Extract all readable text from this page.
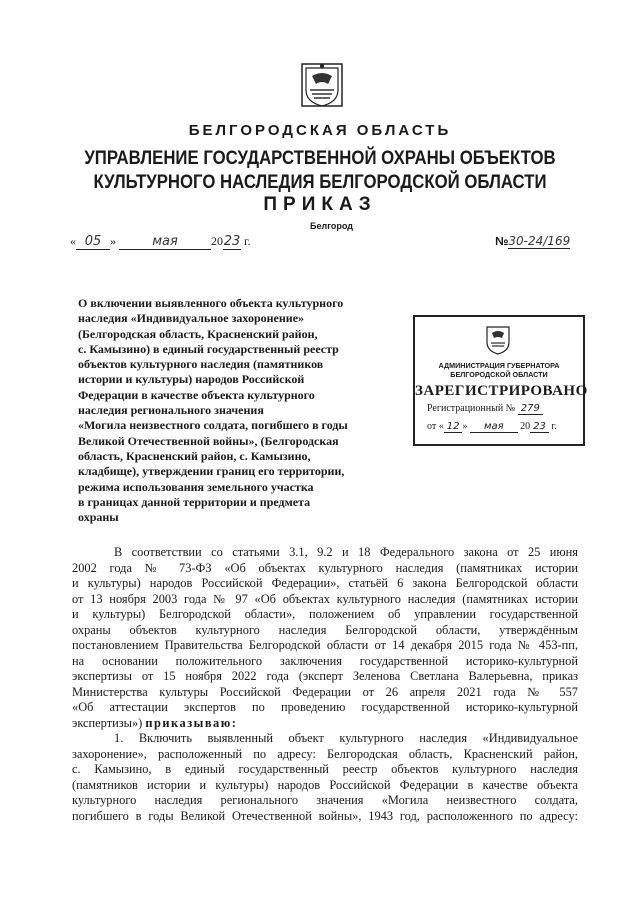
БЕЛГОРОДСКАЯ ОБЛАСТЬ
УПРАВЛЕНИЕ ГОСУДАРСТВЕННОЙ ОХРАНЫ ОБЪЕКТОВ
КУЛЬТУРНОГО НАСЛЕДИЯ БЕЛГОРОДСКОЙ ОБЛАСТИ
ПРИКАЗ
Белгород
« 05 »	мая	2023 г.	№30-24/169
О включении выявленного объекта культурного
наследия «Индивидуальное захоронение»
(Белгородская область, Красненский район,
с. Камызино) в единый государственный реестр
объектов культурного наследия (памятников
истории и культуры) народов Российской
Федерации в качестве объекта культурного
наследия регионального значения
«Могила неизвестного солдата, погибшего в годы
Великой Отечественной войны», (Белгородская
область, Красненский район, с. Камызино,
кладбище), утверждении границ его территории,
режима использования земельного участка
в границах данной территории и предмета
охраны
АДМИНИСТРАЦИЯ ГУБЕРНАТОРА
БЕЛГОРОДСКОЙ ОБЛАСТИ
ЗАРЕГИСТРИРОВАНО
Регистрационный № 279
от « 12 » мая 20 23 г.
В соответствии со статьями 3.1, 9.2 и 18 Федерального закона от 25 июня
2002 года № 73-ФЗ «Об объектах культурного наследия (памятниках истории
и культуры) народов Российской Федерации», статьёй 6 закона Белгородской области
от 13 ноября 2003 года № 97 «Об объектах культурного наследия (памятниках истории
и культуры) Белгородской области», положением об управлении государственной
охраны объектов культурного наследия Белгородской области, утверждённым
постановлением Правительства Белгородской области от 14 декабря 2015 года № 453-пп,
на основании положительного заключения государственной историко-культурной
экспертизы от 15 ноября 2022 года (эксперт Зеленова Светлана Валерьевна, приказ
Министерства культуры Российской Федерации от 26 апреля 2021 года № 557
«Об аттестации экспертов по проведению государственной историко-культурной
экспертизы») приказываю:
1. Включить выявленный объект культурного наследия «Индивидуальное
захоронение», расположенный по адресу: Белгородская область, Красненский район,
с. Камызино, в единый государственный реестр объектов культурного наследия
(памятников истории и культуры) народов Российской Федерации в качестве объекта
культурного наследия регионального значения «Могила неизвестного солдата,
погибшего в годы Великой Отечественной войны», 1943 год, расположенного по адресу:
